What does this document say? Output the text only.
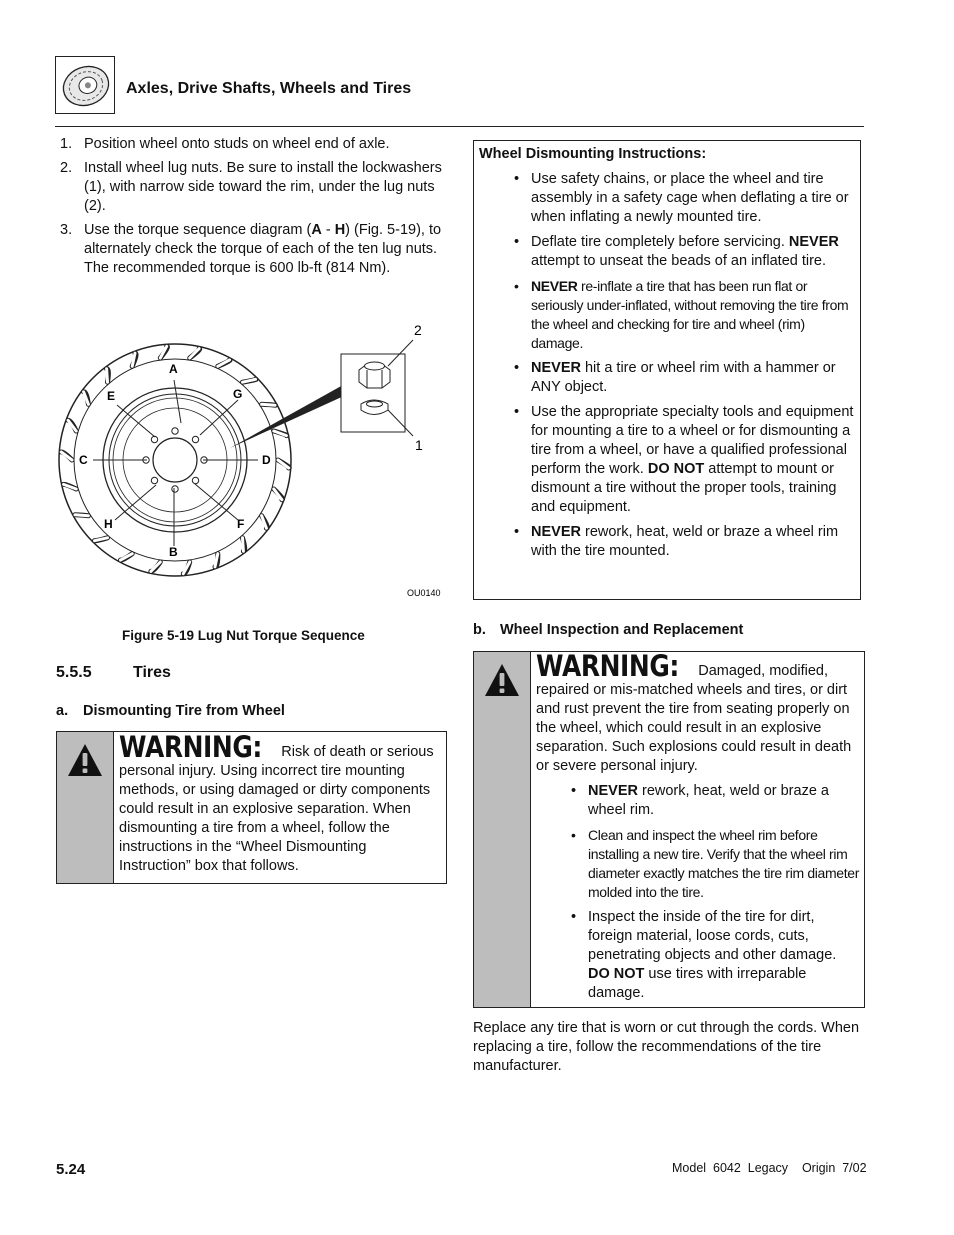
Axles, Drive Shafts, Wheels and Tires
1. Position wheel onto studs on wheel end of axle.
2. Install wheel lug nuts. Be sure to install the lockwashers (1), with narrow side toward the rim, under the lug nuts (2).
3. Use the torque sequence diagram (A - H) (Fig. 5-19), to alternately check the torque of each of the ten lug nuts. The recommended torque is 600 lb-ft (814 Nm).
A
G
E
C	D
H	F
B
2
1
OU0140
Figure 5-19 Lug Nut Torque Sequence
5.5.5	Tires
a. Dismounting Tire from Wheel
WARNING: Risk of death or serious personal injury. Using incorrect tire mounting methods, or using damaged or dirty components could result in an explosive separation. When dismounting a tire from a wheel, follow the instructions in the “Wheel Dismounting Instruction” box that follows.
Wheel Dismounting Instructions:
• Use safety chains, or place the wheel and tire assembly in a safety cage when deflating a tire or when inflating a newly mounted tire.
• Deflate tire completely before servicing. NEVER attempt to unseat the beads of an inflated tire.
• NEVER re-inflate a tire that has been run flat or seriously under-inflated, without removing the tire from the wheel and checking for tire and wheel (rim) damage.
• NEVER hit a tire or wheel rim with a hammer or ANY object.
• Use the appropriate specialty tools and equipment for mounting a tire to a wheel or for dismounting a tire from a wheel, or have a qualified professional perform the work. DO NOT attempt to mount or dismount a tire without the proper tools, training and equipment.
• NEVER rework, heat, weld or braze a wheel rim with the tire mounted.
b. Wheel Inspection and Replacement
WARNING: Damaged, modified, repaired or mis-matched wheels and tires, or dirt and rust prevent the tire from seating properly on the wheel, which could result in an explosive separation. Such explosions could result in death or severe personal injury.
• NEVER rework, heat, weld or braze a wheel rim.
• Clean and inspect the wheel rim before installing a new tire. Verify that the wheel rim diameter exactly matches the tire rim diameter molded into the tire.
• Inspect the inside of the tire for dirt, foreign material, loose cords, cuts, penetrating objects and other damage. DO NOT use tires with irreparable damage.
Replace any tire that is worn or cut through the cords. When replacing a tire, follow the recommendations of the tire manufacturer.
5.24	Model  6042  Legacy    Origin  7/02
